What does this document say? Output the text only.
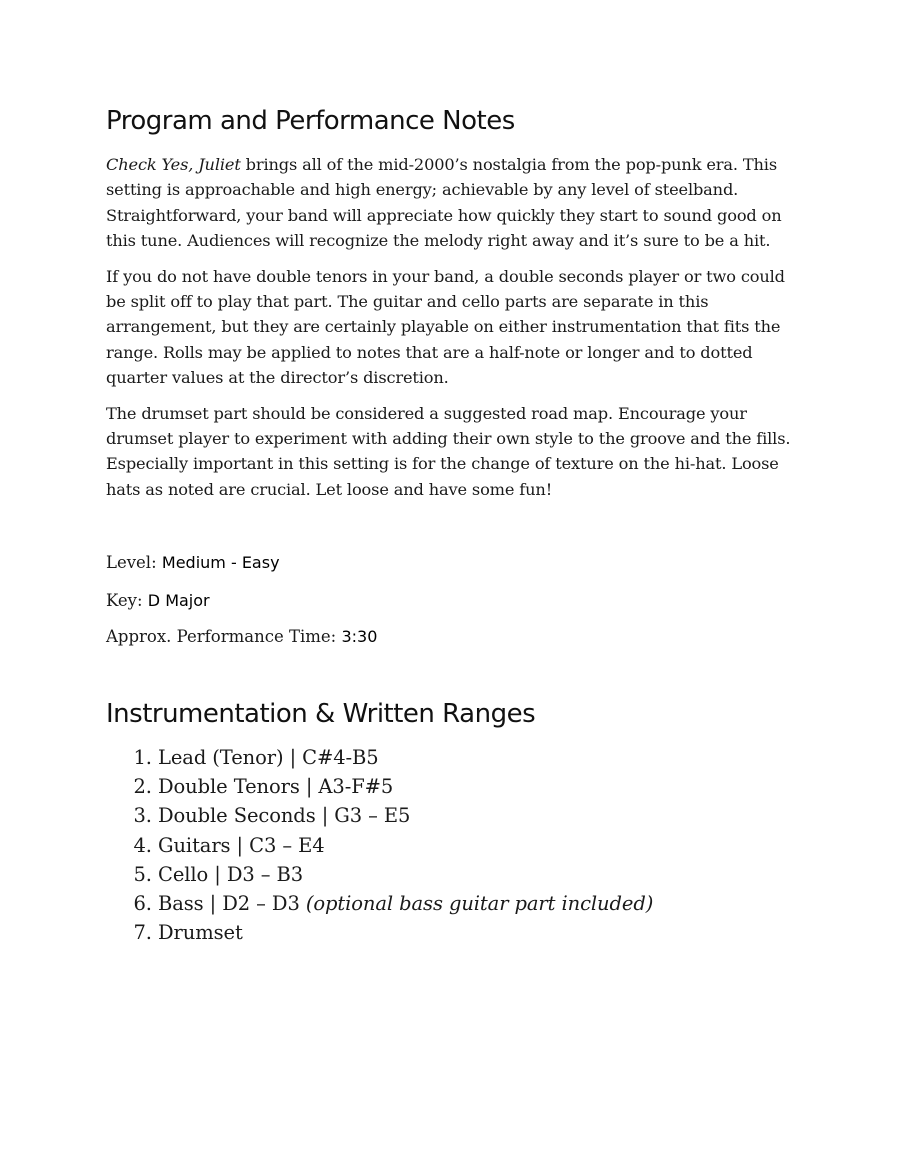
Program and Performance Notes

Check Yes, Juliet brings all of the mid-2000’s nostalgia from the pop-punk era. This setting is approachable and high energy; achievable by any level of steelband. Straightforward, your band will appreciate how quickly they start to sound good on this tune. Audiences will recognize the melody right away and it’s sure to be a hit.

If you do not have double tenors in your band, a double seconds player or two could be split off to play that part. The guitar and cello parts are separate in this arrangement, but they are certainly playable on either instrumentation that fits the range. Rolls may be applied to notes that are a half-note or longer and to dotted quarter values at the director’s discretion.

The drumset part should be considered a suggested road map. Encourage your drumset player to experiment with adding their own style to the groove and the fills. Especially important in this setting is for the change of texture on the hi-hat. Loose hats as noted are crucial. Let loose and have some fun!

Level: Medium - Easy

Key: D Major

Approx. Performance Time: 3:30

Instrumentation & Written Ranges
1. Lead (Tenor) | C#4-B5
2. Double Tenors | A3-F#5
3. Double Seconds | G3 – E5
4. Guitars | C3 – E4
5. Cello | D3 – B3
6. Bass | D2 – D3 (optional bass guitar part included)
7. Drumset
